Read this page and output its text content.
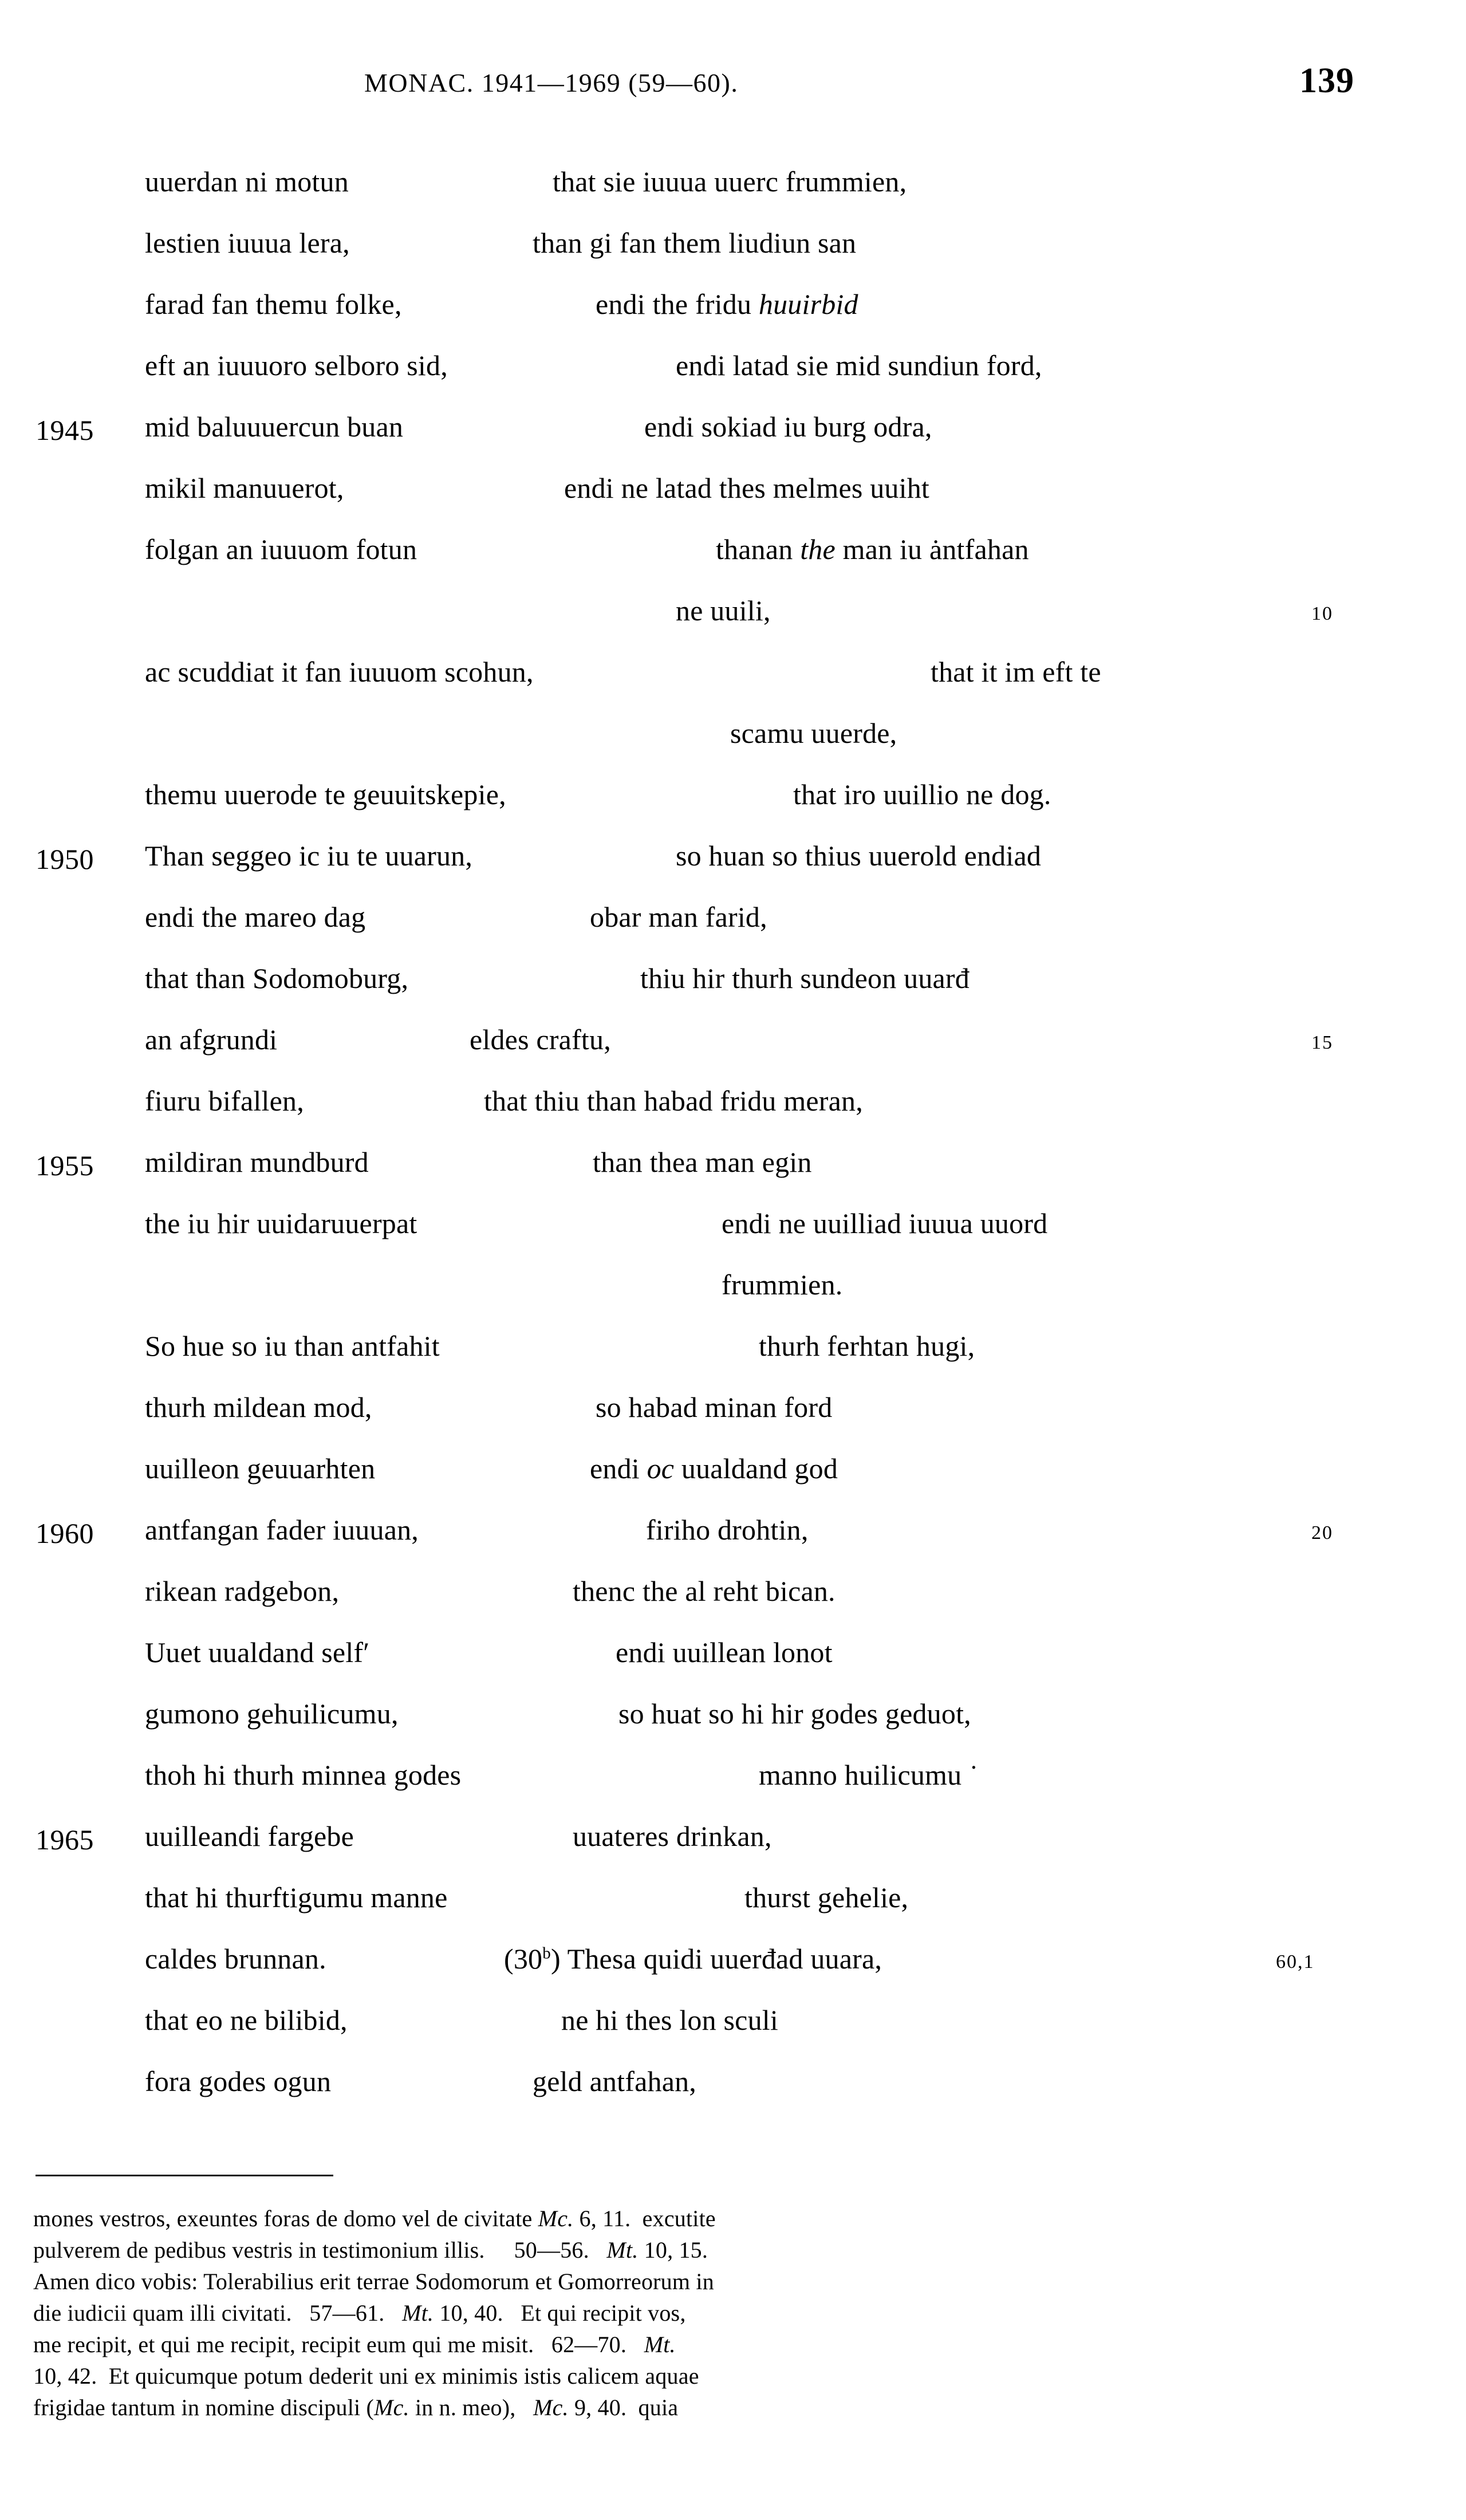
MONAC. 1941—1969 (59—60).	139
uuerdan ni motun	that sie iuuua uuerc frummien,
lestien iuuua lera,	than gi fan them liudiun san
farad fan themu folke,	endi the fridu huuirbid
eft an iuuuoro selboro sid,	endi latad sie mid sundiun ford,
1945	mid baluuuercun buan	endi sokiad iu burg odra,
mikil manuuerot,	endi ne latad thes melmes uuiht
folgan an iuuuom fotun	thanan the man iu ȧntfahan
ne uuili,	10
ac scuddiat it fan iuuuom scohun,	that it im eft te
scamu uuerde,
themu uuerode te geuuitskepie,	that iro uuillio ne dog.
1950	Than seggeo ic iu te uuarun,	so huan so thius uuerold endiad
endi the mareo dag	obar man farid,
that than Sodomoburg,	thiu hir thurh sundeon uuarđ
an afgrundi	eldes craftu,	15
fiuru bifallen,	that thiu than habad fridu meran,
1955	mildiran mundburd	than thea man egin
the iu hir uuidaruuerpat	endi ne uuilliad iuuua uuord
frummien.
So hue so iu than antfahit	thurh ferhtan hugi,
thurh mildean mod,	so habad minan ford
uuilleon geuuarhten	endi oc uualdand god
1960	antfangan fader iuuuan,	firiho drohtin,	20
rikean radgebon,	thenc the al reht bican.
Uuet uualdand self′	endi uuillean lonot
gumono gehuilicumu,	so huat so hi hir godes geduot,
thoh hi thurh minnea godes	manno huilicumu ˙
1965	uuilleandi fargebe	uuateres drinkan,
that hi thurftigumu manne	thurst gehelie,
caldes brunnan.	(30$^b$) Thesa quidi uuerđad uuara,	60,1
that eo ne bilibid,	ne hi thes lon sculi
fora godes ogun	geld antfahan,
mones vestros, exeuntes foras de domo vel de civitate Mc. 6, 11.  excutite
pulverem de pedibus vestris in testimonium illis.     50—56.   Mt. 10, 15.
Amen dico vobis: Tolerabilius erit terrae Sodomorum et Gomorreorum in
die iudicii quam illi civitati.   57—61.   Mt. 10, 40.   Et qui recipit vos,
me recipit, et qui me recipit, recipit eum qui me misit.   62—70.   Mt.
10, 42.  Et quicumque potum dederit uni ex minimis istis calicem aquae
frigidae tantum in nomine discipuli (Mc. in n. meo),   Mc. 9, 40.  quia
